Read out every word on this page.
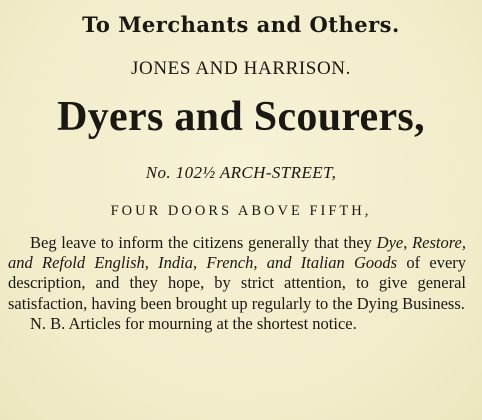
To Merchants and Others.
JONES AND HARRISON.
Dyers and Scourers,
No. 102½ ARCH-STREET,
FOUR DOORS ABOVE FIFTH,

Beg leave to inform the citizens generally that they Dye, Restore, and Refold English, India, French, and Italian Goods of every description, and they hope, by strict attention, to give general satisfaction, having been brought up regularly to the Dying Business.

N. B. Articles for mourning at the shortest notice.
